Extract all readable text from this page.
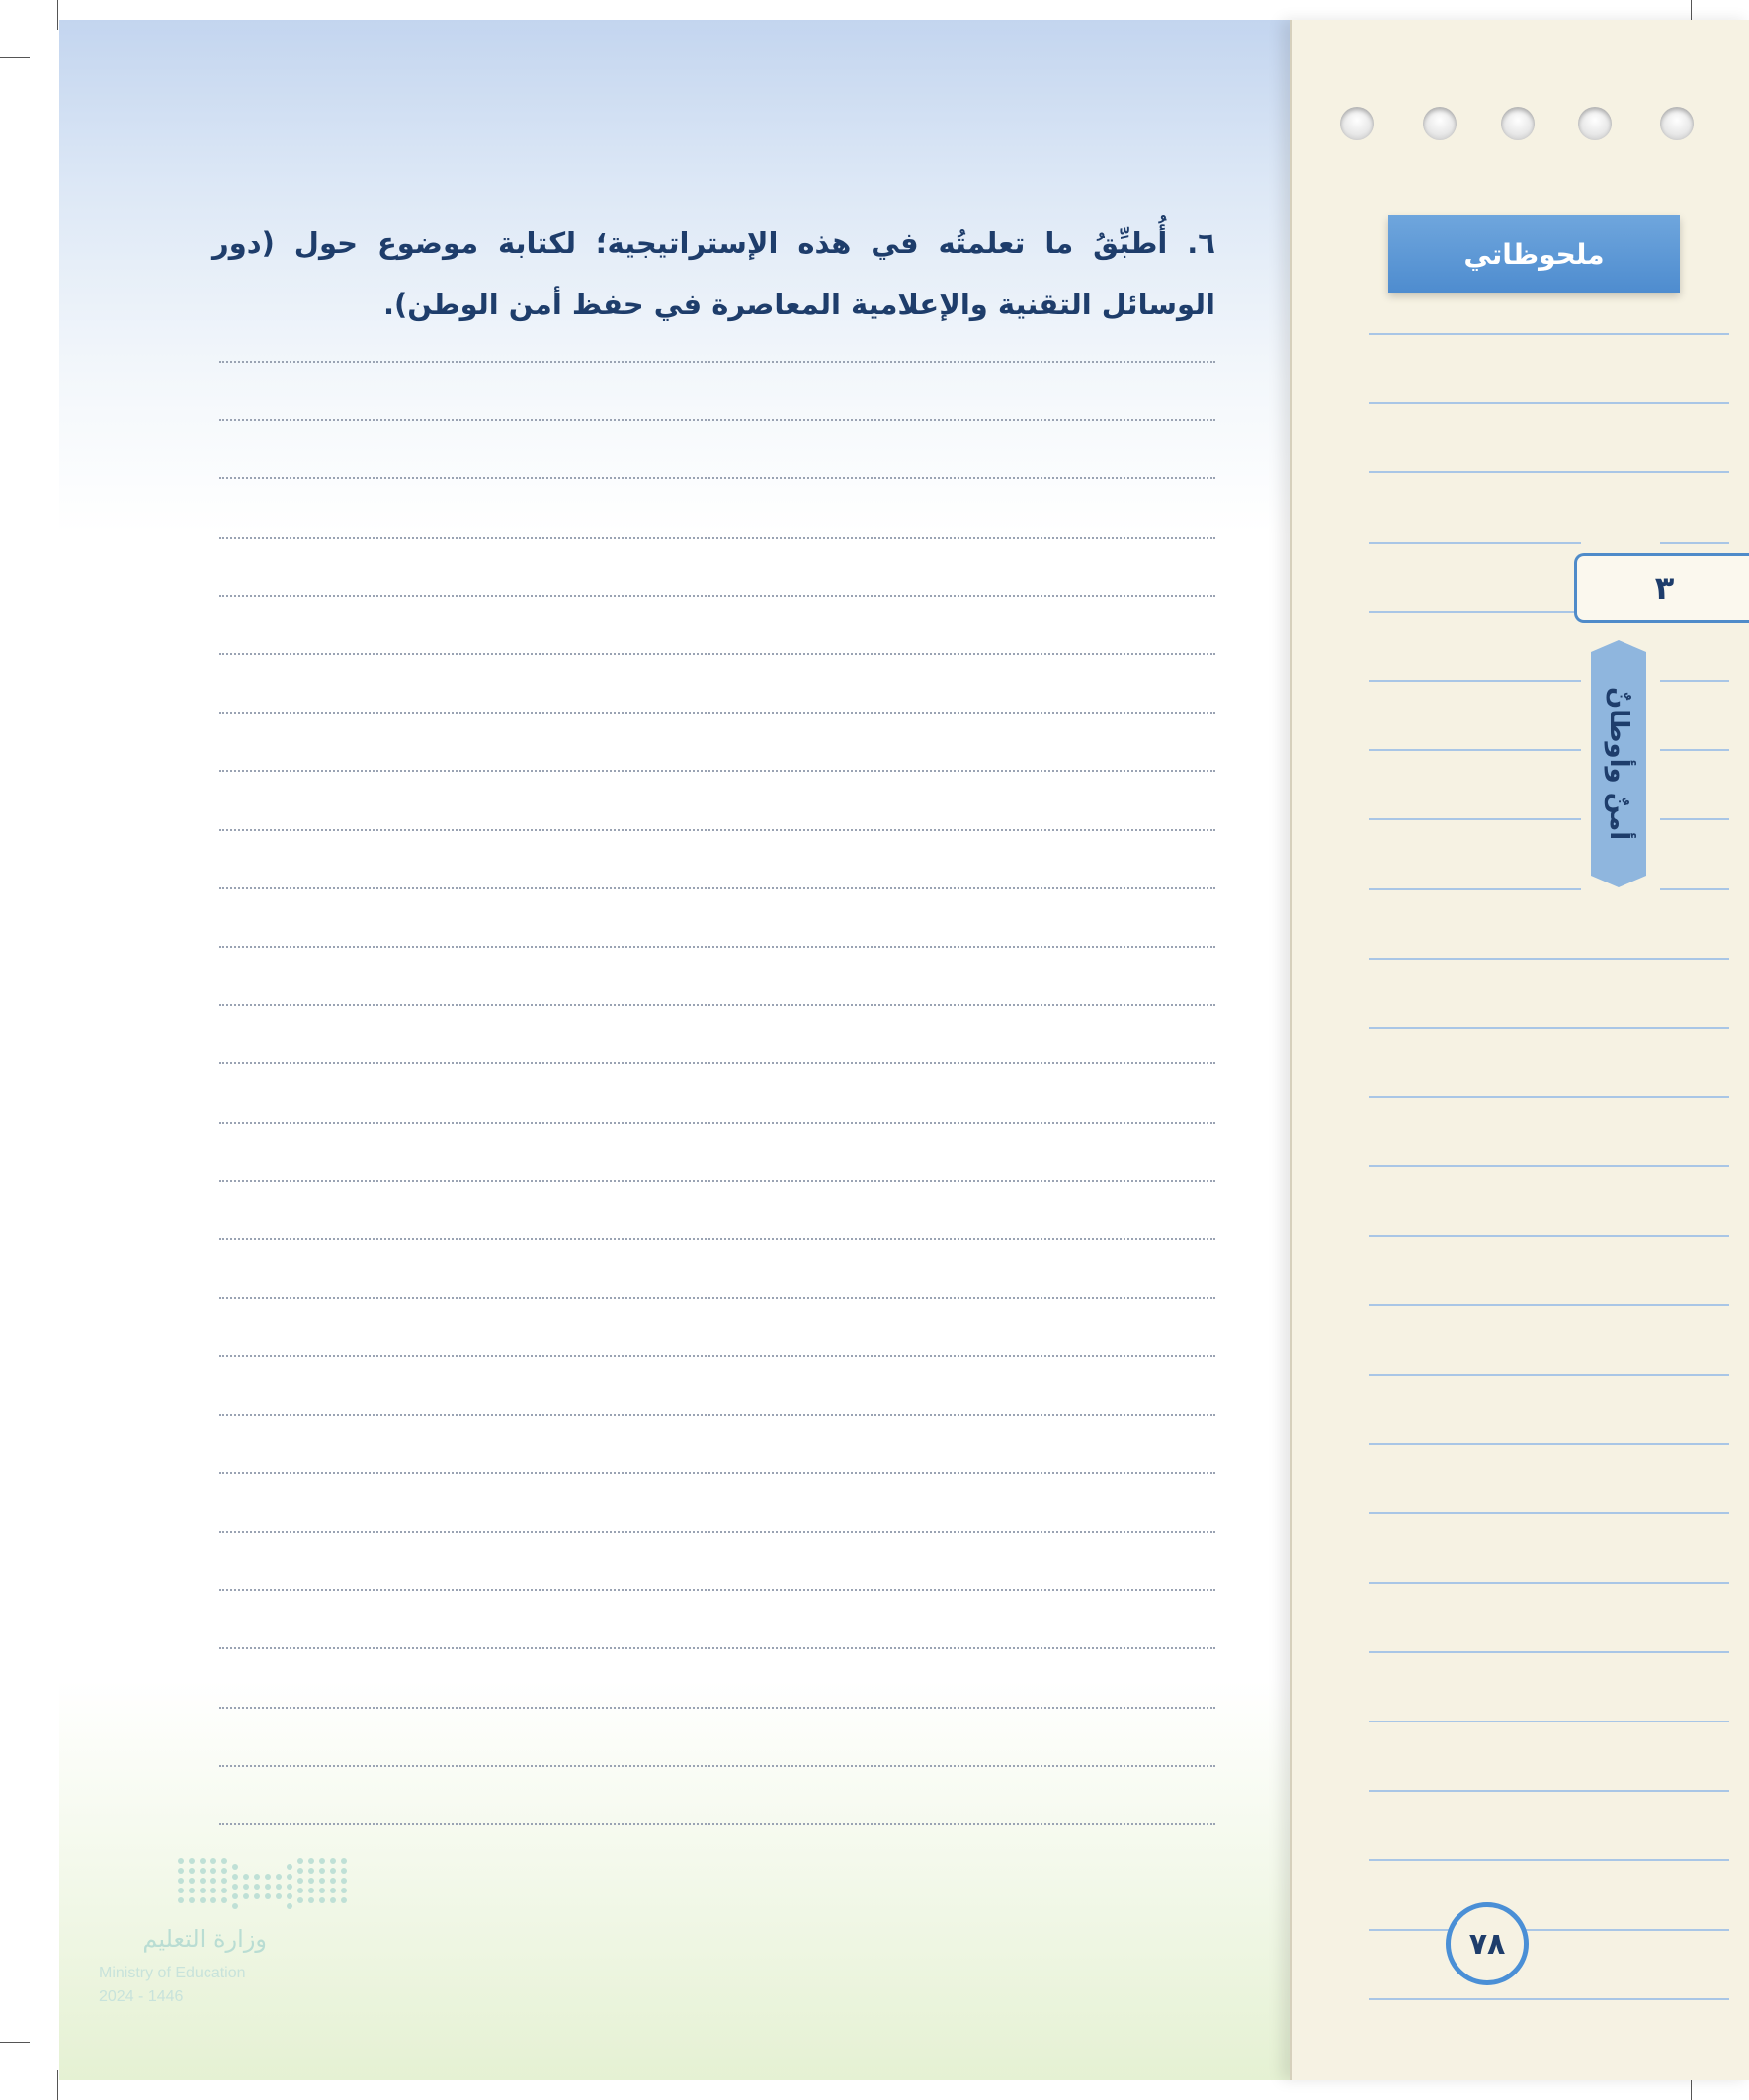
٦. أُطبِّقُ ما تعلمتُه في هذه الإستراتيجية؛ لكتابة موضوع حول (دور الوسائل التقنية والإعلامية المعاصرة في حفظ أمن الوطن).
ملحوظاتي
٣
أمنٌ وأوطانٌ
٧٨
وزارة التعليم
Ministry of Education
2024 - 1446
